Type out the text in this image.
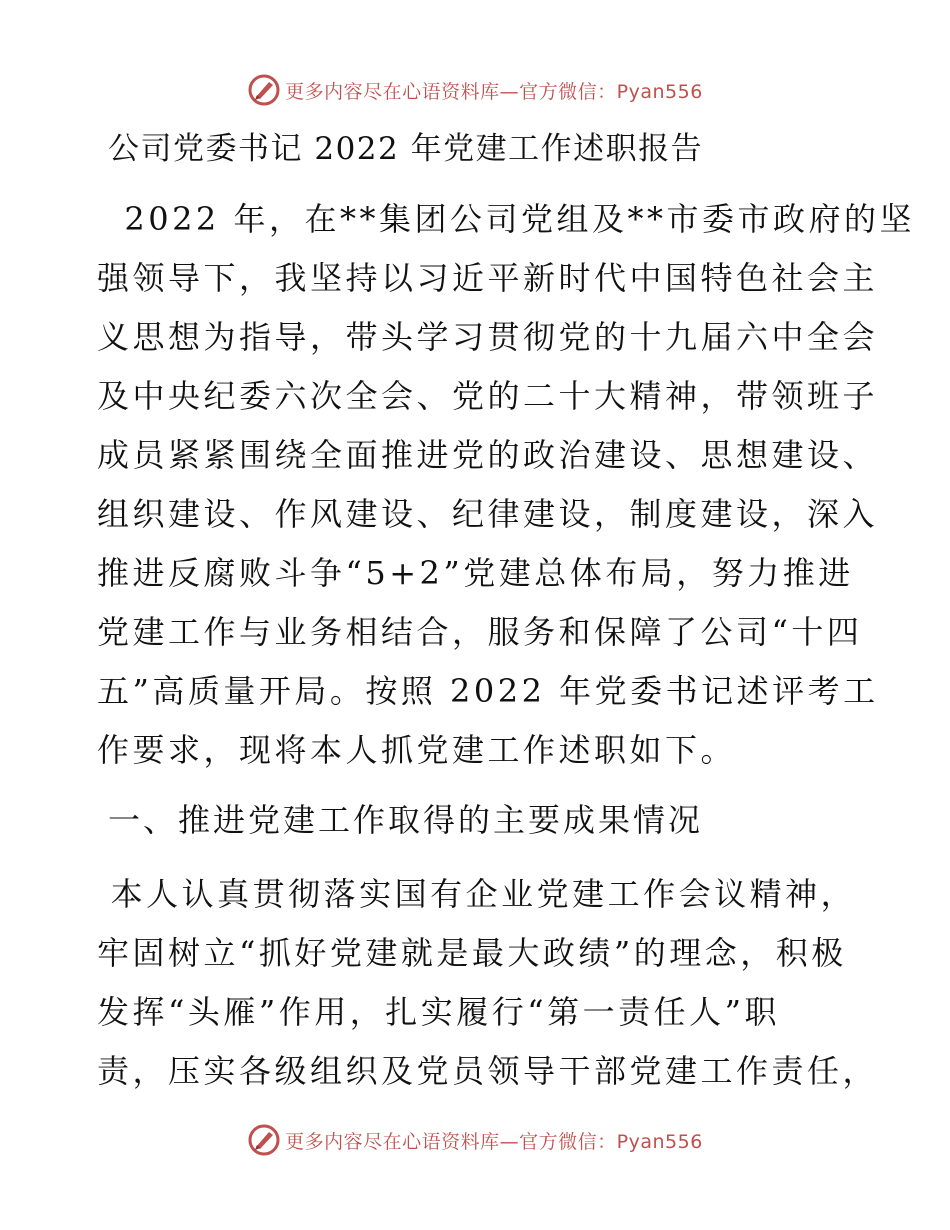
更多内容尽在心语资料库—官方微信：Pyan556
公司党委书记 2022 年党建工作述职报告
2022 年，在**集团公司党组及**市委市政府的坚
强领导下，我坚持以习近平新时代中国特色社会主
义思想为指导，带头学习贯彻党的十九届六中全会
及中央纪委六次全会、党的二十大精神，带领班子
成员紧紧围绕全面推进党的政治建设、思想建设、
组织建设、作风建设、纪律建设，制度建设，深入
推进反腐败斗争“5+2”党建总体布局，努力推进
党建工作与业务相结合，服务和保障了公司“十四
五”高质量开局。按照 2022 年党委书记述评考工
作要求，现将本人抓党建工作述职如下。
一、推进党建工作取得的主要成果情况
本人认真贯彻落实国有企业党建工作会议精神，
牢固树立“抓好党建就是最大政绩”的理念，积极
发挥“头雁”作用，扎实履行“第一责任人”职
责，压实各级组织及党员领导干部党建工作责任，
更多内容尽在心语资料库—官方微信：Pyan556
